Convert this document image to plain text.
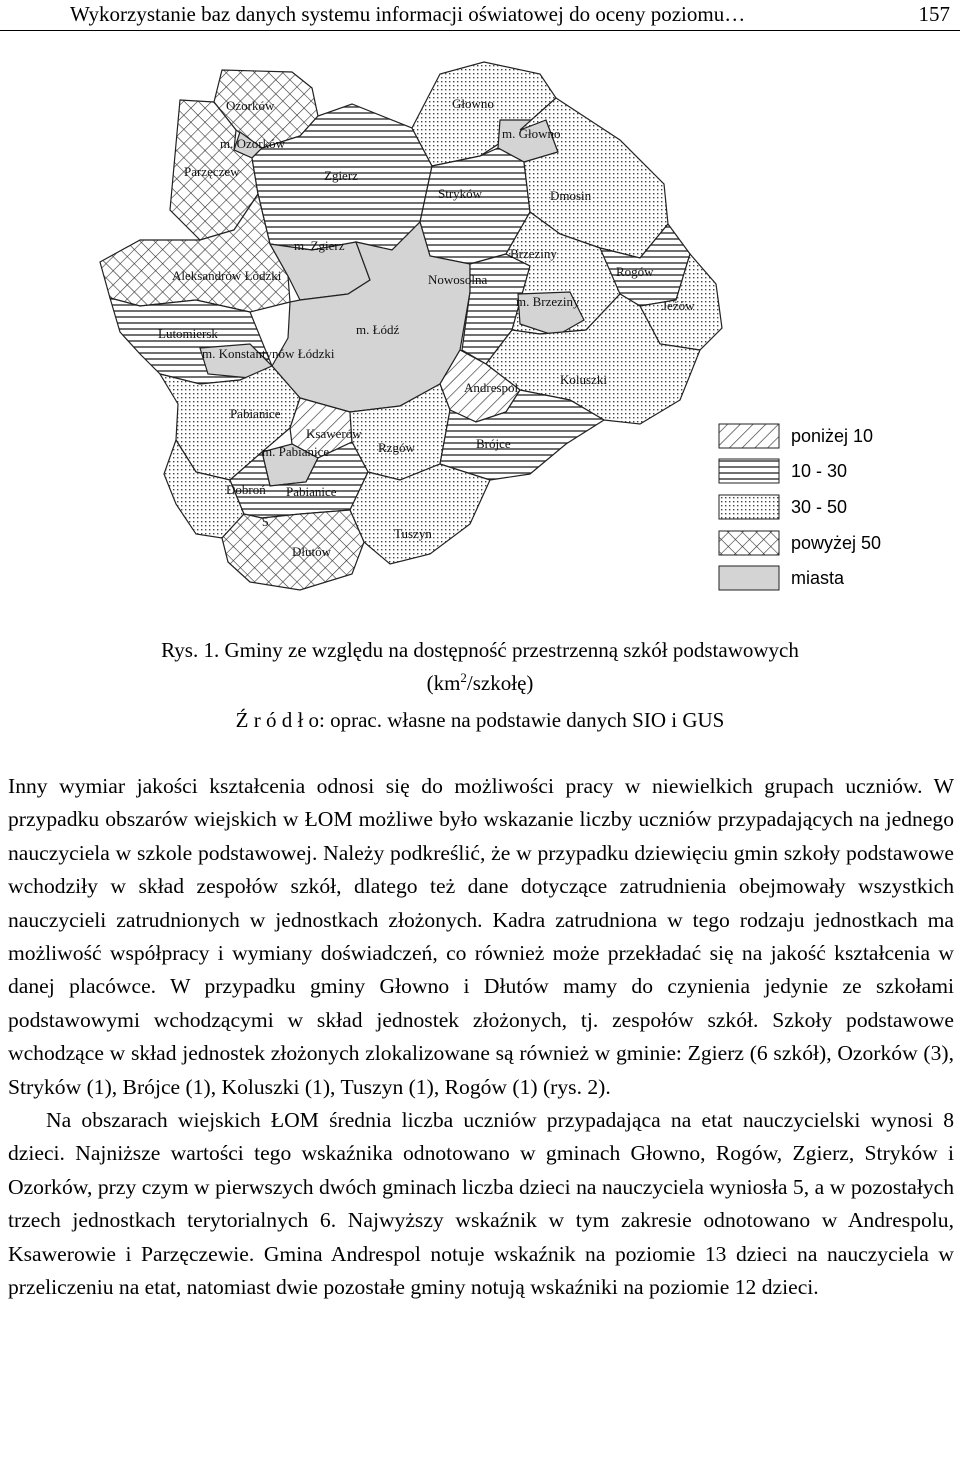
Wykorzystanie baz danych systemu informacji oświatowej do oceny poziomu…	157
Ozorków
m. Ozorków
Parzęczew	Zgierz
Głowno
m. Głowno
Stryków	Dmosin
m. Zgierz
Brzeziny
Aleksandrów Łódzki	Nowosolna
Rogów
m. Brzeziny	Jeżów
Lutomiersk	m. Łódź
m. Konstantynów Łódzki
Koluszki
Andrespol
Pabianice
Ksawerów
m. Pabianice	Rzgów	Brójce
Dobroń Pabianice
Tuszyn
Dłutów
5
poniżej 10
10 - 30
30 - 50
powyżej 50
miasta
Rys. 1. Gminy ze względu na dostępność przestrzenną szkół podstawowych
$(km^2/szkołę)$
Ź r ó d ł o: oprac. własne na podstawie danych SIO i GUS

Inny wymiar jakości kształcenia odnosi się do możliwości pracy w niewielkich grupach uczniów. W przypadku obszarów wiejskich w ŁOM możliwe było wskazanie liczby uczniów przypadających na jednego nauczyciela w szkole podstawowej. Należy podkreślić, że w przypadku dziewięciu gmin szkoły podstawowe wchodziły w skład zespołów szkół, dlatego też dane dotyczące zatrudnienia obejmowały wszystkich nauczycieli zatrudnionych w jednostkach złożonych. Kadra zatrudniona w tego rodzaju jednostkach ma możliwość współpracy i wymiany doświadczeń, co również może przekładać się na jakość kształcenia w danej placówce. W przypadku gminy Głowno i Dłutów mamy do czynienia jedynie ze szkołami podstawowymi wchodzącymi w skład jednostek złożonych, tj. zespołów szkół. Szkoły podstawowe wchodzące w skład jednostek złożonych zlokalizowane są również w gminie: Zgierz (6 szkół), Ozorków (3), Stryków (1), Brójce (1), Koluszki (1), Tuszyn (1), Rogów (1) (rys. 2).

Na obszarach wiejskich ŁOM średnia liczba uczniów przypadająca na etat nauczycielski wynosi 8 dzieci. Najniższe wartości tego wskaźnika odnotowano w gminach Głowno, Rogów, Zgierz, Stryków i Ozorków, przy czym w pierwszych dwóch gminach liczba dzieci na nauczyciela wyniosła 5, a w pozostałych trzech jednostkach terytorialnych 6. Najwyższy wskaźnik w tym zakresie odnotowano w Andrespolu, Ksawerowie i Parzęczewie. Gmina Andrespol notuje wskaźnik na poziomie 13 dzieci na nauczyciela w przeliczeniu na etat, natomiast dwie pozostałe gminy notują wskaźniki na poziomie 12 dzieci.
